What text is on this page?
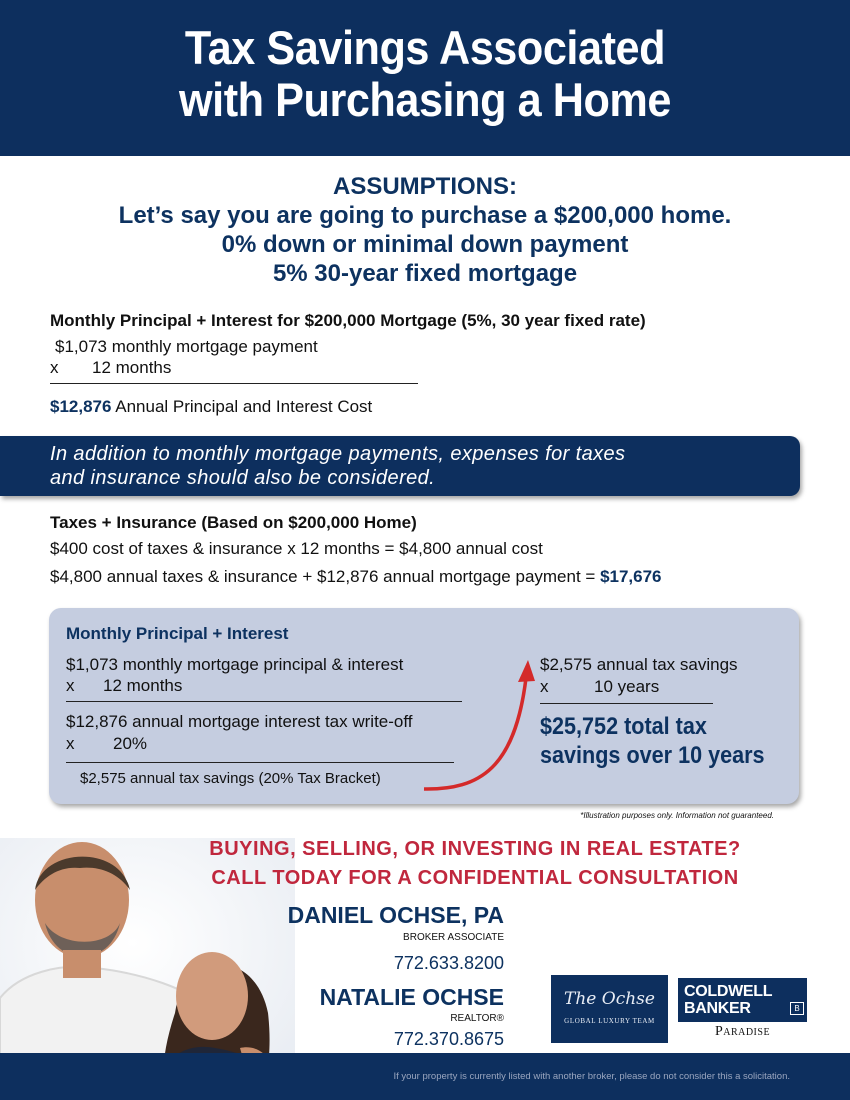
Tax Savings Associated
with Purchasing a Home
ASSUMPTIONS:
Let’s say you are going to purchase a $200,000 home.
0% down or minimal down payment
5% 30-year fixed mortgage
Monthly Principal + Interest for $200,000 Mortgage (5%, 30 year fixed rate)
$1,073 monthly mortgage payment
x 12 months
$12,876 Annual Principal and Interest Cost
In addition to monthly mortgage payments, expenses for taxes
and insurance should also be considered.
Taxes + Insurance (Based on $200,000 Home)
$400 cost of taxes & insurance x 12 months = $4,800 annual cost
$4,800 annual taxes & insurance + $12,876 annual mortgage payment = $17,676
Monthly Principal + Interest
$1,073 monthly mortgage principal & interest
x 12 months
$12,876 annual mortgage interest tax write-off
x 20%
$2,575 annual tax savings (20% Tax Bracket)
$2,575 annual tax savings
x	10 years
$25,752 total tax
savings over 10 years
*Illustration purposes only. Information not guaranteed.
BUYING, SELLING, OR INVESTING IN REAL ESTATE?
CALL TODAY FOR A CONFIDENTIAL CONSULTATION
DANIEL OCHSE, PA
BROKER ASSOCIATE
772.633.8200
NATALIE OCHSE
REALTOR®
772.370.8675
The Ochse
GLOBAL LUXURY TEAM
COLDWELL
BANKER	B
Paradise
If your property is currently listed with another broker, please do not consider this a solicitation.
